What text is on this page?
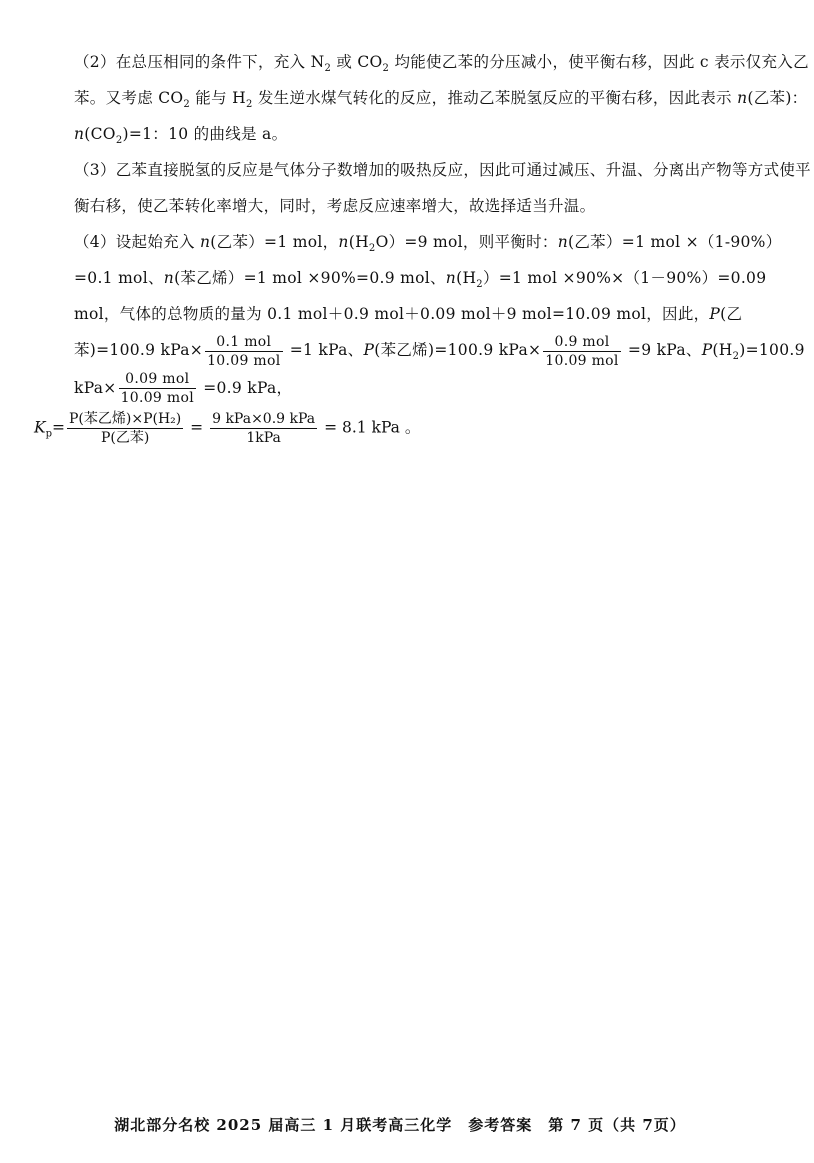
（2）在总压相同的条件下，充入 $N_2$ 或 $CO_2$ 均能使乙苯的分压减小，使平衡右移，因此 c 表示仅充入乙苯。又考虑 $CO_2$ 能与 $H_2$ 发生逆水煤气转化的反应，推动乙苯脱氢反应的平衡右移，因此表示 n(乙苯)：$n(CO_2)=1$：10 的曲线是 a。

（3）乙苯直接脱氢的反应是气体分子数增加的吸热反应，因此可通过减压、升温、分离出产物等方式使平衡右移，使乙苯转化率增大，同时，考虑反应速率增大，故选择适当升温。

（4）设起始充入 n(乙苯）=1 mol，$n(H_2O)=9$ mol，则平衡时：n(乙苯）=1 mol ×（1-90%）=0.1 mol、n(苯乙烯）=1 mol ×90%=0.9 mol、$n(H_2)=1$ mol ×90%×（1－90%）=0.09 mol，气体的总物质的量为 0.1 mol＋0.9 mol＋0.09 mol＋9 mol=10.09 mol，因此，P(乙苯)=100.9 $kPa\times \frac{\text{0.1 mol}}{\text{10.09 mol}} =1$ kPa、P(苯乙烯)=100.9 $kPa\times \frac{\text{0.9 mol}}{\text{10.09 mol}} =9$ kPa、$P(H_2)=100.9$ $kPa\times \frac{\text{0.09 mol}}{\text{10.09 mol}} =0.9$ kPa，

$K_p= \frac{\text{P(苯乙烯)×P(H₂)}}{\text{P(乙苯)}} = \frac{\text{9 kPa×0.9 kPa}}{\text{1kPa}} = 8.1$ kPa 。
湖北部分名校 2025 届高三 1 月联考高三化学　参考答案　第 7 页（共 7页）
